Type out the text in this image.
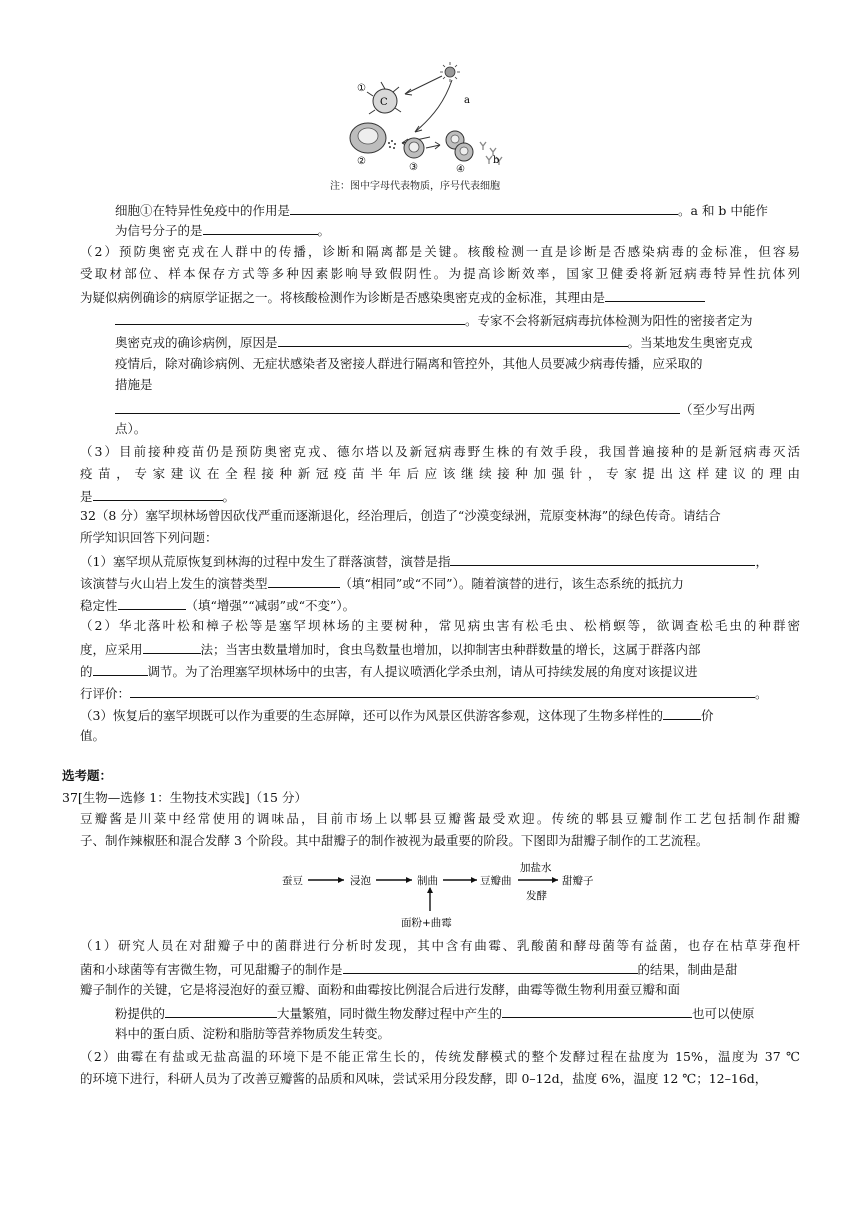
C
①
a
②
③	④
b
注：图中字母代表物质，序号代表细胞
细胞①在特异性免疫中的作用是	。a 和 b 中能作
为信号分子的是	。
（2）预防奥密克戎在人群中的传播，诊断和隔离都是关键。核酸检测一直是诊断是否感染病毒的金标准，但容易
受取材部位、样本保存方式等多种因素影响导致假阴性。为提高诊断效率，国家卫健委将新冠病毒特异性抗体列
为疑似病例确诊的病原学证据之一。将核酸检测作为诊断是否感染奥密克戎的金标准，其理由是
。专家不会将新冠病毒抗体检测为阳性的密接者定为
奥密克戎的确诊病例，原因是	。当某地发生奥密克戎
疫情后，除对确诊病例、无症状感染者及密接人群进行隔离和管控外，其他人员要减少病毒传播，应采取的
措施是
（至少写出两
点）。
（3）目前接种疫苗仍是预防奥密克戎、德尔塔以及新冠病毒野生株的有效手段，我国普遍接种的是新冠病毒灭活
疫苗，专家建议在全程接种新冠疫苗半年后应该继续接种加强针，专家提出这样建议的理由
是	。
32（8 分）塞罕坝林场曾因砍伐严重而逐渐退化，经治理后，创造了“沙漠变绿洲，荒原变林海”的绿色传奇。请结合
所学知识回答下列问题：
（1）塞罕坝从荒原恢复到林海的过程中发生了群落演替，演替是指	，
该演替与火山岩上发生的演替类型	（填“相同”或“不同”）。随着演替的进行，该生态系统的抵抗力
稳定性	（填“增强”“减弱”或“不变”）。
（2）华北落叶松和樟子松等是塞罕坝林场的主要树种，常见病虫害有松毛虫、松梢螟等，欲调查松毛虫的种群密
度，应采用	法；当害虫数量增加时，食虫鸟数量也增加，以抑制害虫种群数量的增长，这属于群落内部
的	调节。为了治理塞罕坝林场中的虫害，有人提议喷洒化学杀虫剂，请从可持续发展的角度对该提议进
行评价：	。
（3）恢复后的塞罕坝既可以作为重要的生态屏障，还可以作为风景区供游客参观，这体现了生物多样性的	价
值。
选考题：
37[生物—选修 1：生物技术实践]（15 分）
豆瓣酱是川菜中经常使用的调味品，目前市场上以郫县豆瓣酱最受欢迎。传统的郫县豆瓣制作工艺包括制作甜瓣
子、制作辣椒胚和混合发酵 3 个阶段。其中甜瓣子的制作被视为最重要的阶段。下图即为甜瓣子制作的工艺流程。
蚕豆	浸泡	制曲	豆瓣曲
加盐水
发酵
甜瓣子
面粉+曲霉
（1）研究人员在对甜瓣子中的菌群进行分析时发现，其中含有曲霉、乳酸菌和酵母菌等有益菌，也存在枯草芽孢杆
菌和小球菌等有害微生物，可见甜瓣子的制作是	的结果，制曲是甜
瓣子制作的关键，它是将浸泡好的蚕豆瓣、面粉和曲霉按比例混合后进行发酵，曲霉等微生物利用蚕豆瓣和面
粉提供的	大量繁殖，同时微生物发酵过程中产生的	也可以使原
料中的蛋白质、淀粉和脂肪等营养物质发生转变。
（2）曲霉在有盐或无盐高温的环境下是不能正常生长的，传统发酵模式的整个发酵过程在盐度为 15%，温度为 37 ℃
的环境下进行，科研人员为了改善豆瓣酱的品质和风味，尝试采用分段发酵，即 0–12d，盐度 6%，温度 12 ℃；12–16d，
